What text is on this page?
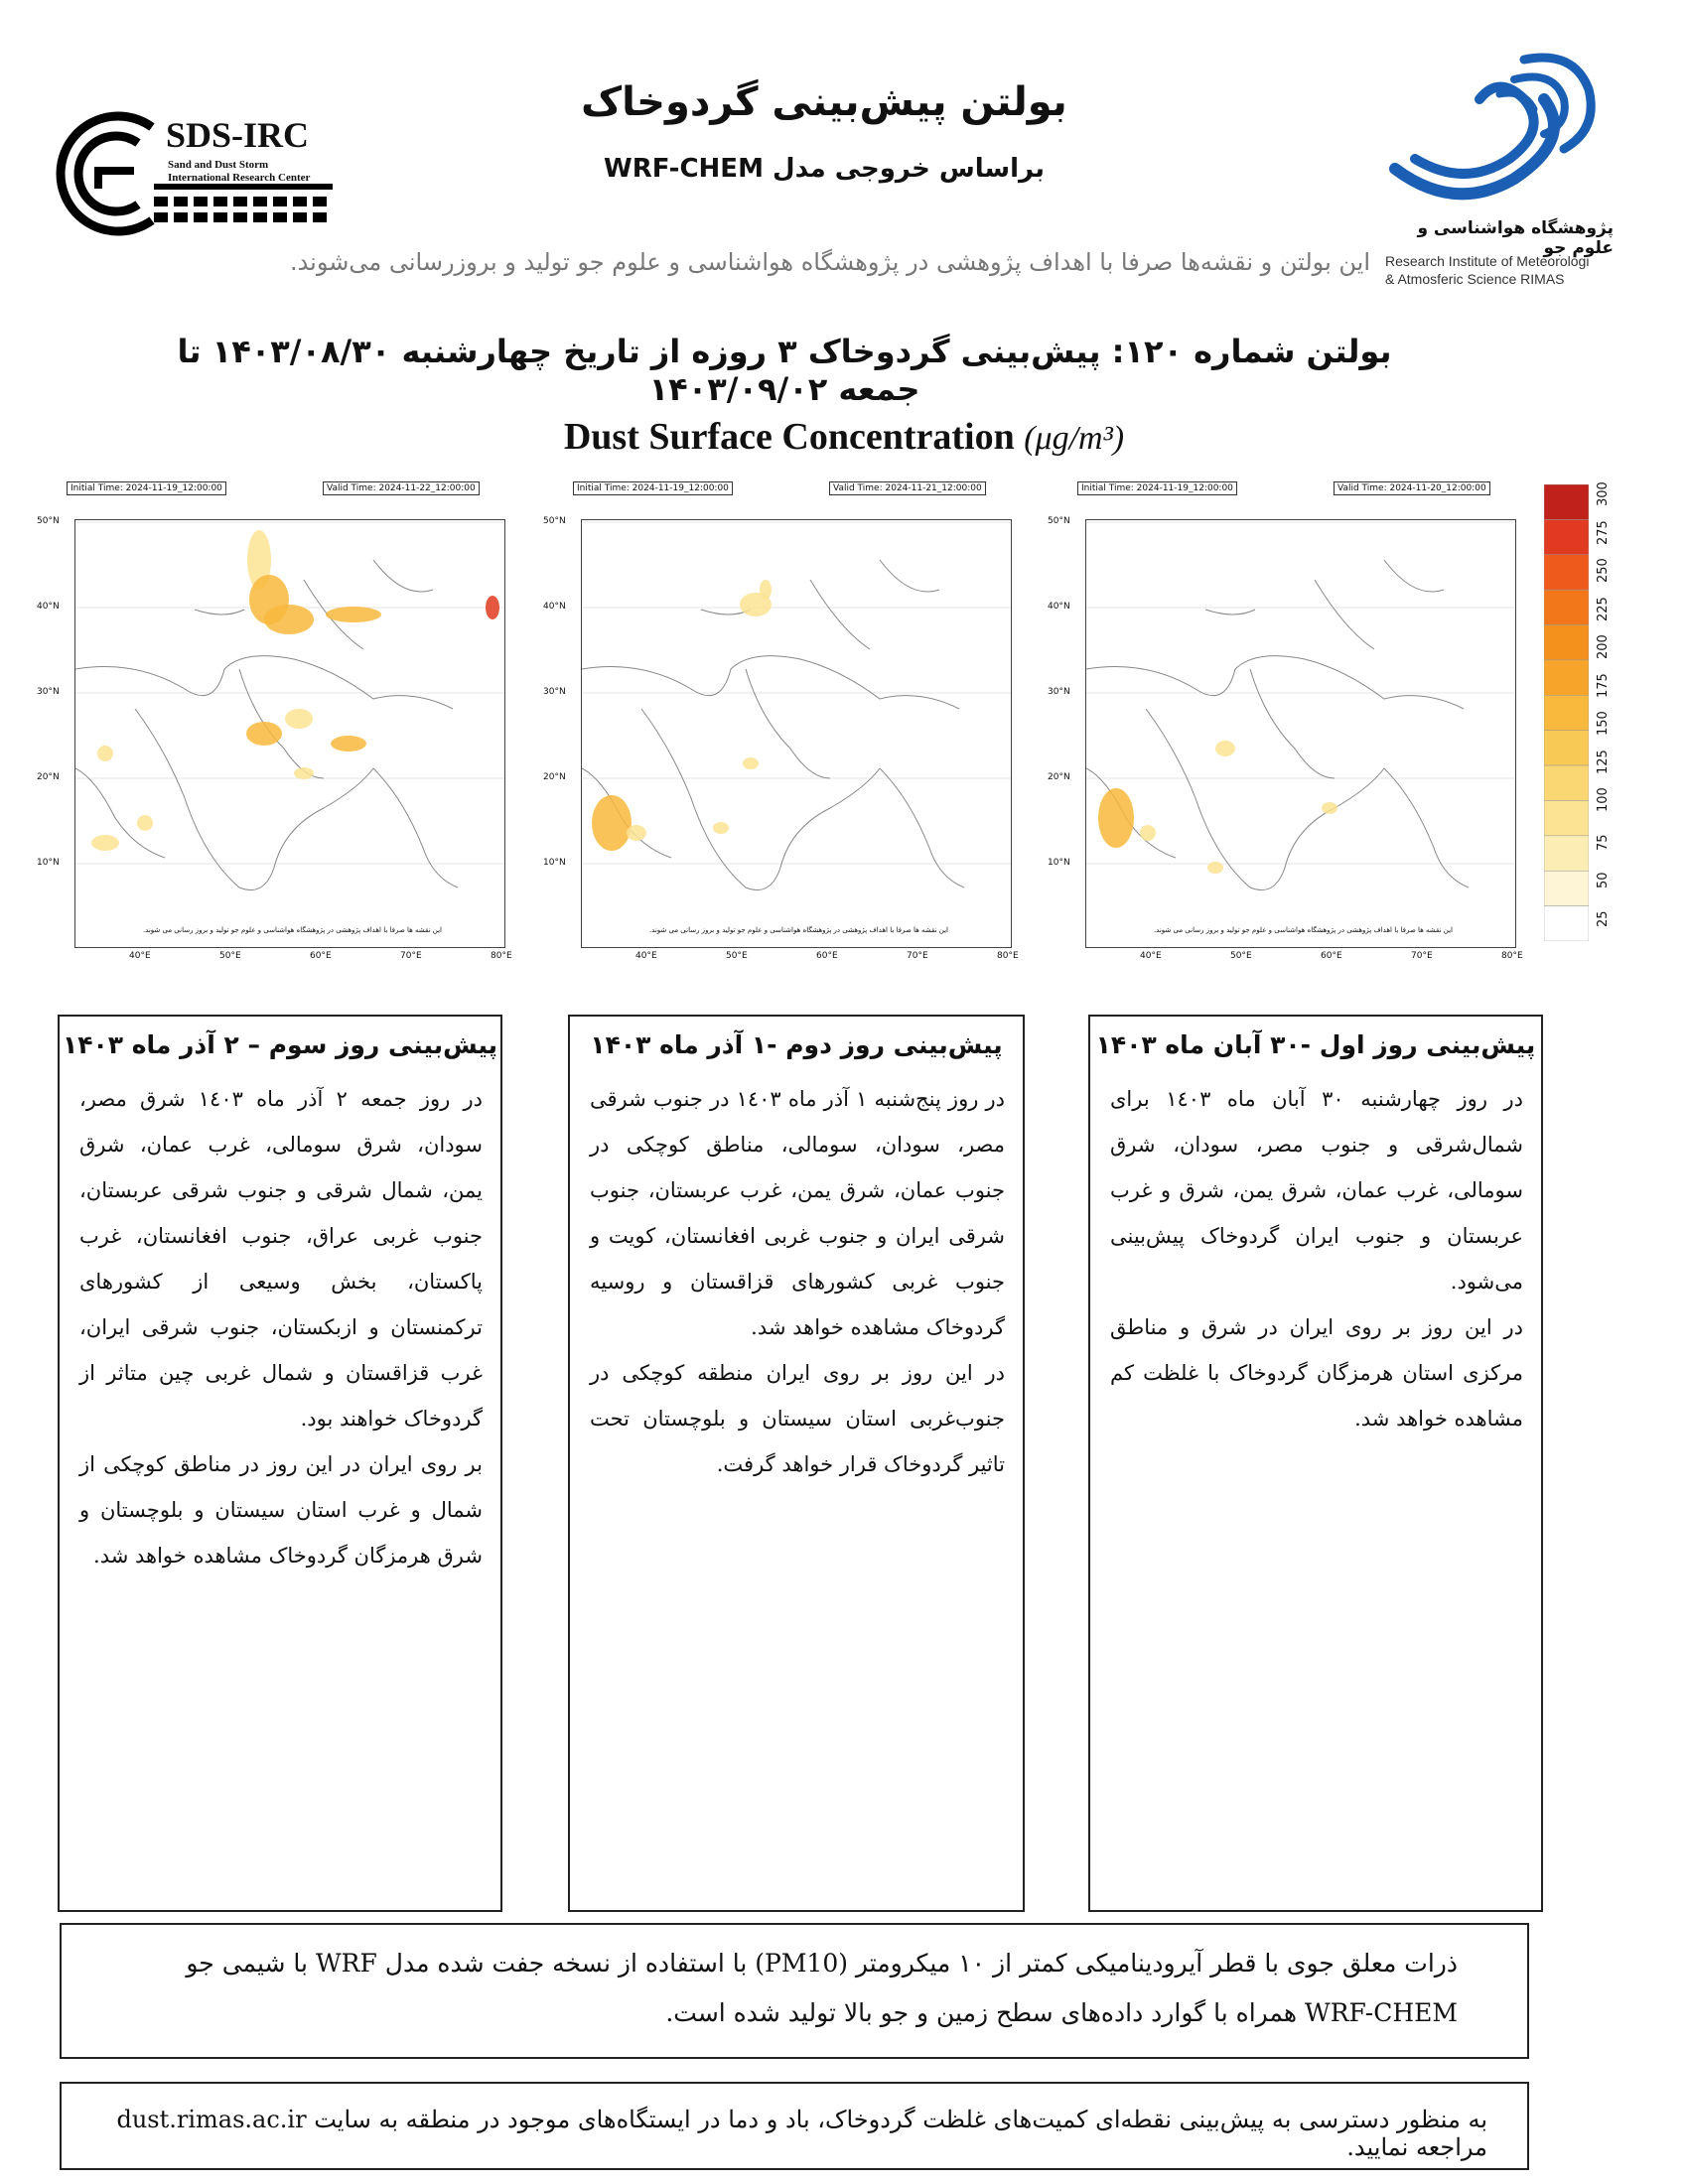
پژوهشگاه هواشناسی و علوم جو
Research Institute of Meteorologi
& Atmosferic Science RIMAS
SDS-IRC
Sand and Dust Storm
International Research Center
بولتن پیش‌بینی گردوخاک
براساس خروجی مدل WRF-CHEM
این بولتن و نقشه‌ها صرفا با اهداف پژوهشی در پژوهشگاه هواشناسی و علوم جو تولید و بروزرسانی می‌شوند.
بولتن شماره ۱۲۰: پیش‌بینی گردوخاک ۳ روزه از تاریخ چهارشنبه ۱۴۰۳/۰۸/۳۰ تا جمعه ۱۴۰۳/۰۹/۰۲
Dust Surface Concentration (μg/m³)
Initial Time: 2024-11-19_12:00:00	Valid Time: 2024-11-22_12:00:00
50°N
40°N
30°N
20°N
10°N
40°E	50°E	60°E	70°E	80°E
این نقشه ها صرفا با اهداف پژوهشی در پژوهشگاه هواشناسی و علوم جو تولید و بروز رسانی می شوند.
Initial Time: 2024-11-19_12:00:00	Valid Time: 2024-11-21_12:00:00
50°N
40°N
30°N
20°N
10°N
40°E	50°E	60°E	70°E	80°E
این نقشه ها صرفا با اهداف پژوهشی در پژوهشگاه هواشناسی و علوم جو تولید و بروز رسانی می شوند.
Initial Time: 2024-11-19_12:00:00	Valid Time: 2024-11-20_12:00:00
50°N
40°N
30°N
20°N
10°N
40°E	50°E	60°E	70°E	80°E
این نقشه ها صرفا با اهداف پژوهشی در پژوهشگاه هواشناسی و علوم جو تولید و بروز رسانی می شوند.
300
275
250
225
200
175
150
125
100
75
50
25
پیش‌بینی روز سوم – ۲ آذر ماه ۱۴۰۳

در روز جمعه ۲ آذر ماه ۱٤۰۳ شرق مصر، سودان، شرق سومالی، غرب عمان، شرق یمن، شمال شرقی و جنوب شرقی عربستان، جنوب غربی عراق، جنوب افغانستان، غرب پاکستان، بخش وسیعی از کشورهای ترکمنستان و ازبکستان، جنوب شرقی ایران، غرب قزاقستان و شمال غربی چین متاثر از گردوخاک خواهند بود.

بر روی ایران در این روز در مناطق کوچکی از شمال و غرب استان سیستان و بلوچستان و شرق هرمزگان گردوخاک مشاهده خواهد شد.

پیش‌بینی روز دوم -۱ آذر ماه ۱۴۰۳

در روز پنج‌شنبه ۱ آذر ماه ۱٤۰۳ در جنوب شرقی مصر، سودان، سومالی، مناطق کوچکی در جنوب عمان، شرق یمن، غرب عربستان، جنوب شرقی ایران و جنوب غربی افغانستان، کویت و جنوب غربی کشورهای قزاقستان و روسیه گردوخاک مشاهده خواهد شد.

در این روز بر روی ایران منطقه کوچکی در جنوب‌غربی استان سیستان و بلوچستان تحت تاثیر گردوخاک قرار خواهد گرفت.

پیش‌بینی روز اول -۳۰ آبان ماه ۱۴۰۳

در روز چهارشنبه ۳۰ آبان ماه ۱٤۰۳ برای شمال‌شرقی و جنوب مصر، سودان، شرق سومالی، غرب عمان، شرق یمن، شرق و غرب عربستان و جنوب ایران گردوخاک پیش‌بینی می‌شود.

در این روز بر روی ایران در شرق و مناطق مرکزی استان هرمزگان گردوخاک با غلظت کم مشاهده خواهد شد.

ذرات معلق جوی با قطر آیرودینامیکی کمتر از ۱۰ میکرومتر (PM10) با استفاده از نسخه جفت شده مدل WRF با شیمی جو
WRF-CHEM همراه با گوارد داده‌های سطح زمین و جو بالا تولید شده است.
به منظور دسترسی به پیش‌بینی نقطه‌ای کمیت‌های غلظت گردوخاک، باد و دما در ایستگاه‌های موجود در منطقه به سایت dust.rimas.ac.ir مراجعه نمایید.
